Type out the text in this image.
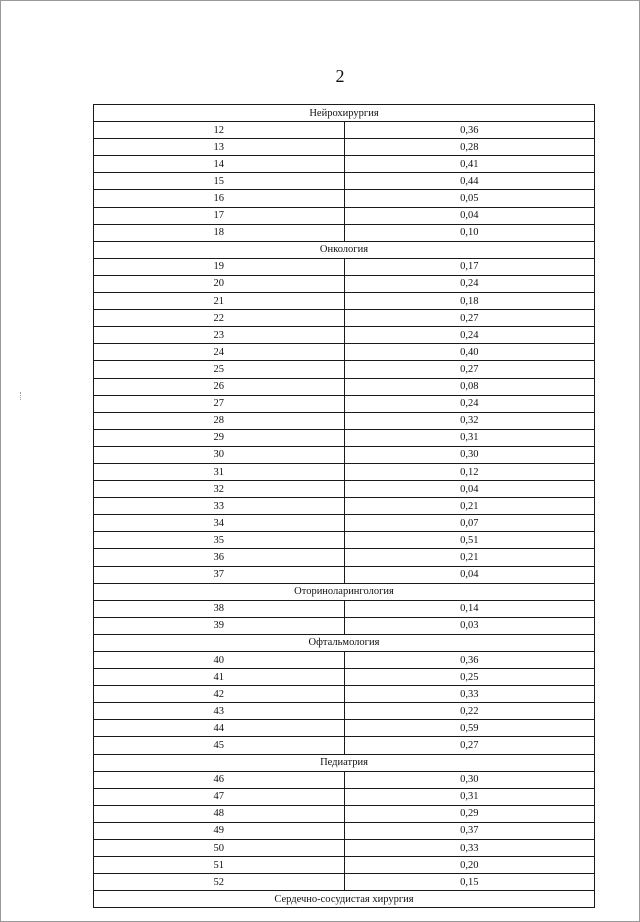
2
Нейрохирургия	
12	0,36
13	0,28
14	0,41
15	0,44
16	0,05
17	0,04
18	0,10
Онкология	
19	0,17
20	0,24
21	0,18
22	0,27
23	0,24
24	0,40
25	0,27
26	0,08
27	0,24
28	0,32
29	0,31
30	0,30
31	0,12
32	0,04
33	0,21
34	0,07
35	0,51
36	0,21
37	0,04
Оториноларингология	
38	0,14
39	0,03
Офтальмология	
40	0,36
41	0,25
42	0,33
43	0,22
44	0,59
45	0,27
Педиатрия	
46	0,30
47	0,31
48	0,29
49	0,37
50	0,33
51	0,20
52	0,15
Сердечно-сосудистая хирургия	
